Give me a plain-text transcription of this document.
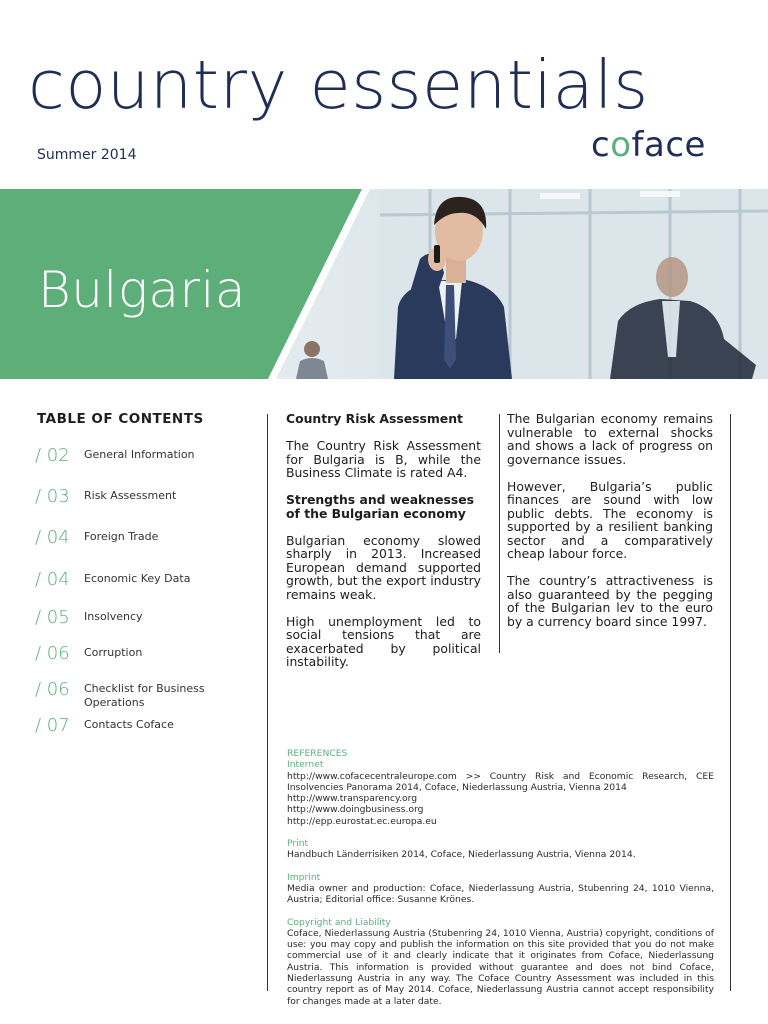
country essentials
Summer 2014	coface
Bulgaria
TABLE OF CONTENTS
/ 02 General Information
/ 03 Risk Assessment
/ 04 Foreign Trade
/ 04 Economic Key Data
/ 05 Insolvency
/ 06 Corruption
/ 06 Checklist for Business Operations
/ 07 Contacts Coface

Country Risk Assessment

The Country Risk Assessment for Bulgaria is B, while the Business Climate is rated A4.

Strengths and weaknesses of the Bulgarian economy

Bulgarian economy slowed sharply in 2013. Increased European demand supported growth, but the export industry remains weak.

High unemployment led to social tensions that are exacerbated by political instability.

The Bulgarian economy remains vulnerable to external shocks and shows a lack of progress on governance issues.

However, Bulgaria’s public finances are sound with low public debts. The economy is supported by a resilient banking sector and a comparatively cheap labour force.

The country’s attractiveness is also guaranteed by the pegging of the Bulgarian lev to the euro by a currency board since 1997.

REFERENCES
Internet
http://www.cofacecentraleurope.com >> Country Risk and Economic Research, CEE Insolvencies Panorama 2014, Coface, Niederlassung Austria, Vienna 2014
http://www.transparency.org
http://www.doingbusiness.org
http://epp.eurostat.ec.europa.eu
Print
Handbuch Länderrisiken 2014, Coface, Niederlassung Austria, Vienna 2014.
Imprint
Media owner and production: Coface, Niederlassung Austria, Stubenring 24, 1010 Vienna, Austria; Editorial office: Susanne Krönes.
Copyright and Liability
Coface, Niederlassung Austria (Stubenring 24, 1010 Vienna, Austria) copyright, conditions of use: you may copy and publish the information on this site provided that you do not make commercial use of it and clearly indicate that it originates from Coface, Niederlassung Austria. This information is provided without guarantee and does not bind Coface, Niederlassung Austria in any way. The Coface Country Assessment was included in this country report as of May 2014. Coface, Niederlassung Austria cannot accept responsibility for changes made at a later date.
